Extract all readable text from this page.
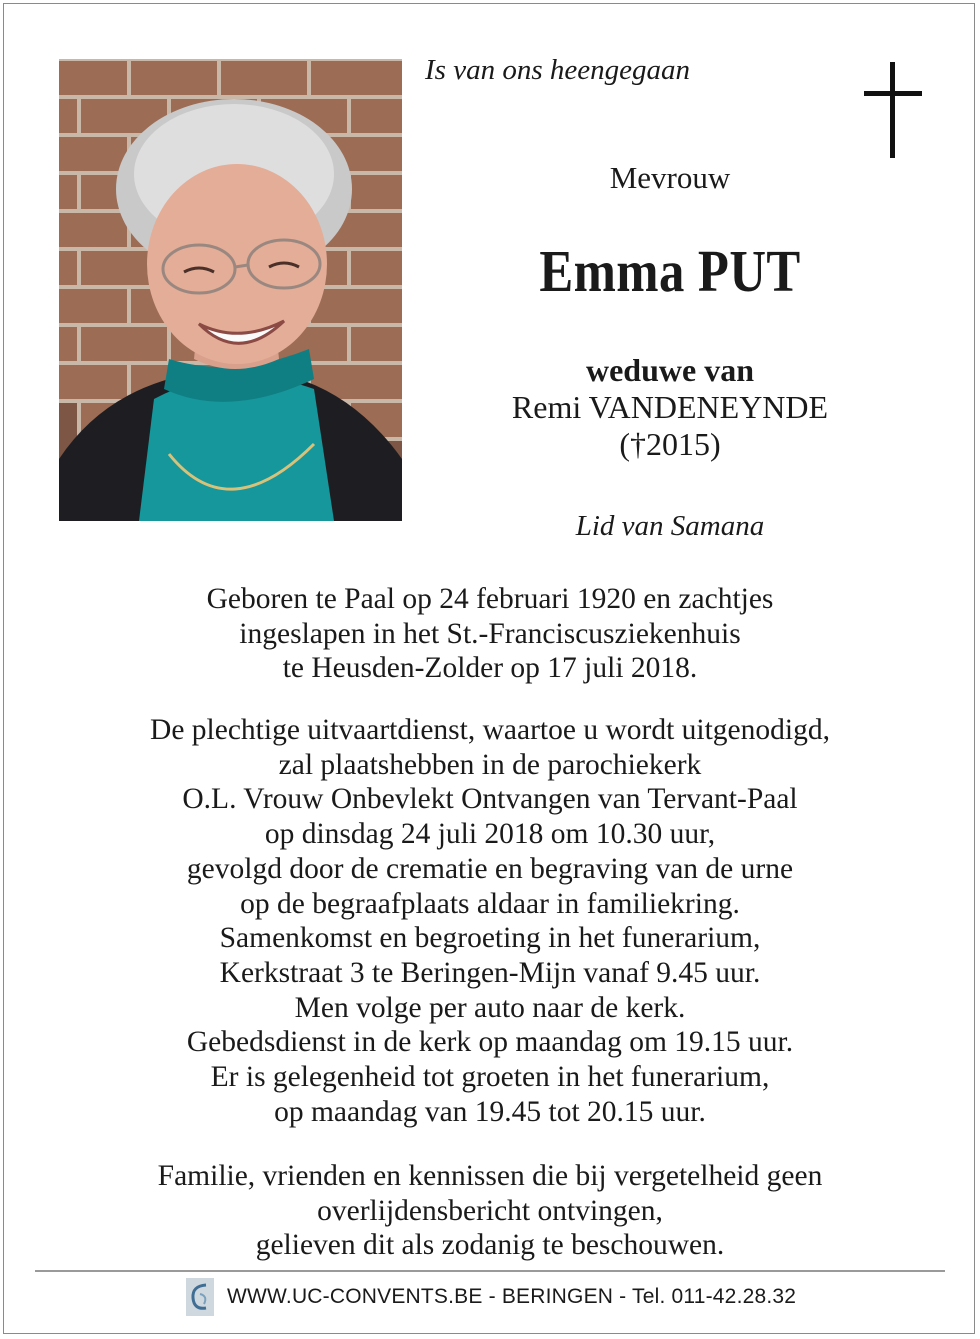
Is van ons heengegaan
Mevrouw
Emma PUT
weduwe van
Remi VANDENEYNDE
(†2015)
Lid van Samana
Geboren te Paal op 24 februari 1920 en zachtjes
ingeslapen in het St.-Franciscusziekenhuis
te Heusden-Zolder op 17 juli 2018.
De plechtige uitvaartdienst, waartoe u wordt uitgenodigd,
zal plaatshebben in de parochiekerk
O.L. Vrouw Onbevlekt Ontvangen van Tervant-Paal
op dinsdag 24 juli 2018 om 10.30 uur,
gevolgd door de crematie en begraving van de urne
op de begraafplaats aldaar in familiekring.
Samenkomst en begroeting in het funerarium,
Kerkstraat 3 te Beringen-Mijn vanaf 9.45 uur.
Men volge per auto naar de kerk.
Gebedsdienst in de kerk op maandag om 19.15 uur.
Er is gelegenheid tot groeten in het funerarium,
op maandag van 19.45 tot 20.15 uur.
Familie, vrienden en kennissen die bij vergetelheid geen
overlijdensbericht ontvingen,
gelieven dit als zodanig te beschouwen.
WWW.UC-CONVENTS.BE - BERINGEN - Tel. 011-42.28.32
